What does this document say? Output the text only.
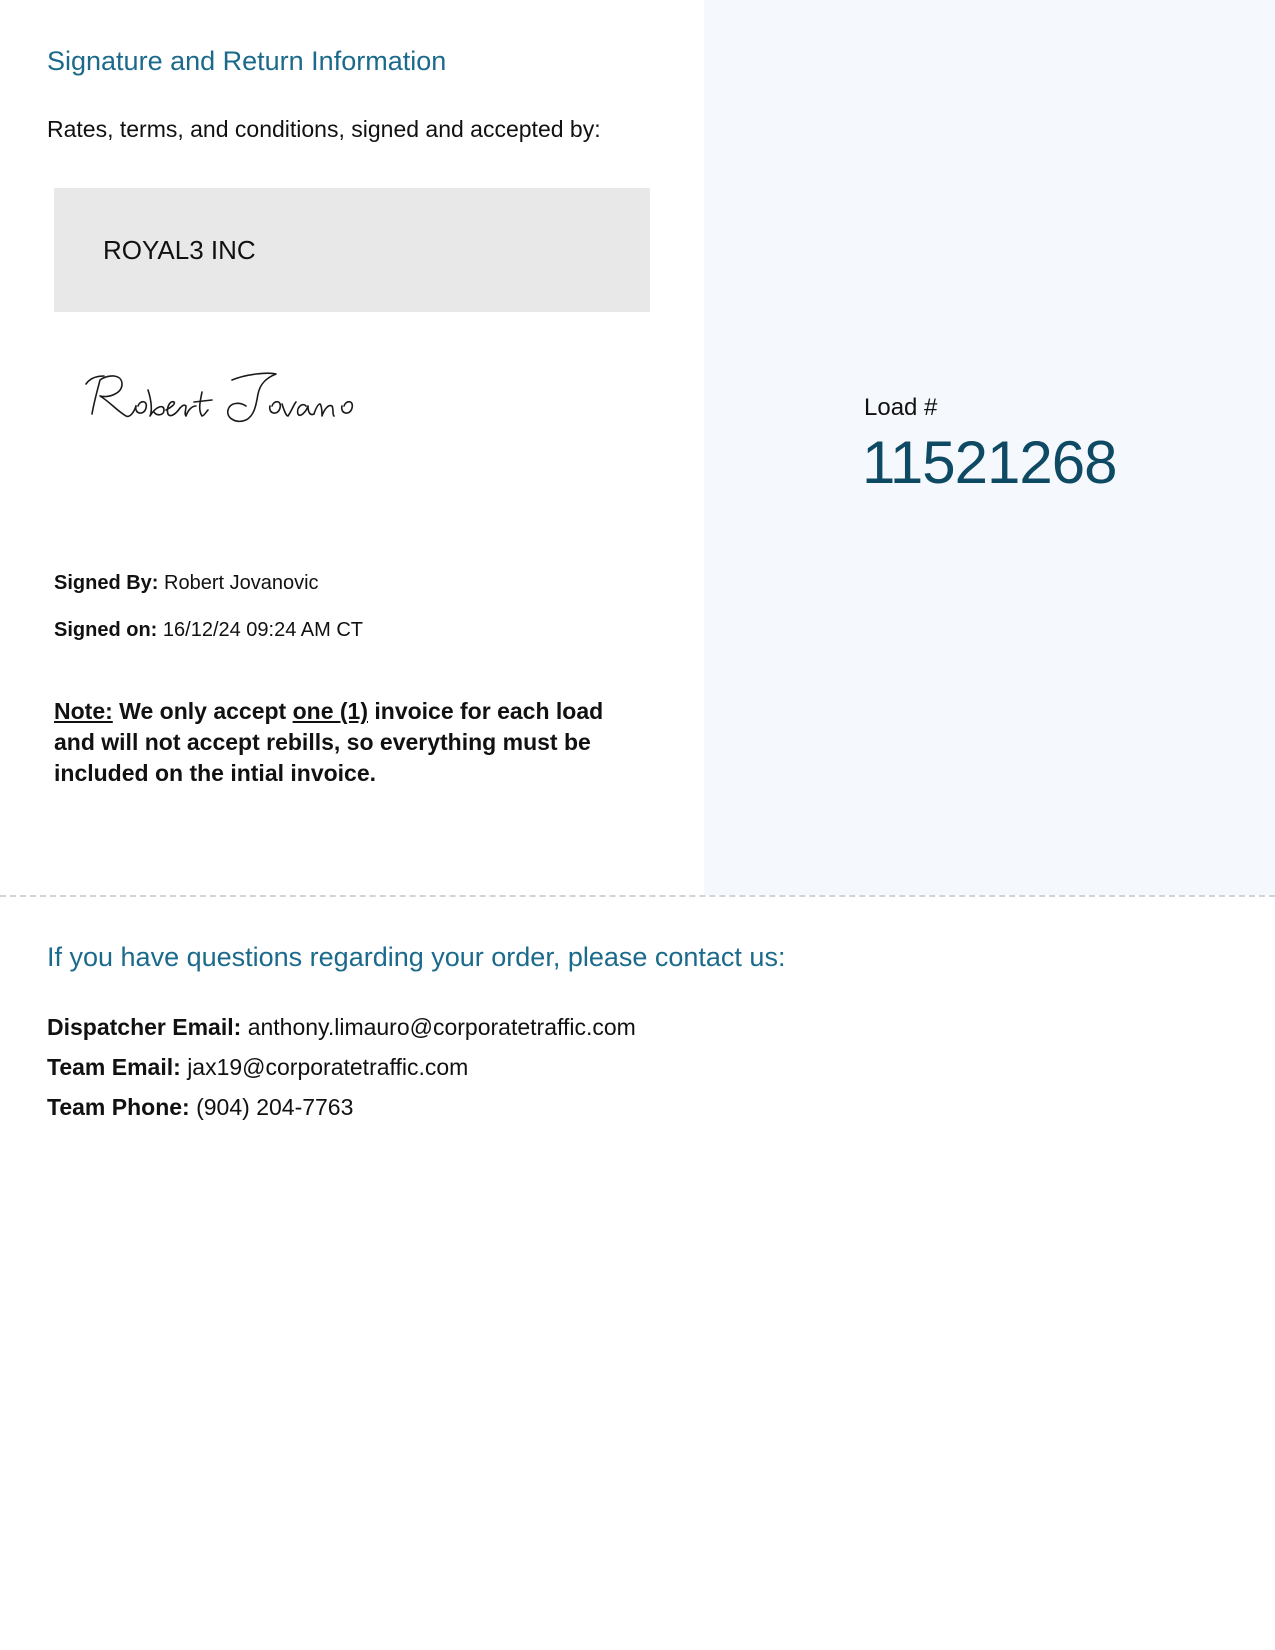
Signature and Return Information

Rates, terms, and conditions, signed and accepted by:

ROYAL3 INC

Signed By: Robert Jovanovic

Signed on: 16/12/24 09:24 AM CT

Note: We only accept one (1) invoice for each load and will not accept rebills, so everything must be included on the intial invoice.

Load #
11521268
If you have questions regarding your order, please contact us:

Dispatcher Email: anthony.limauro@corporatetraffic.com

Team Email: jax19@corporatetraffic.com

Team Phone: (904) 204-7763
